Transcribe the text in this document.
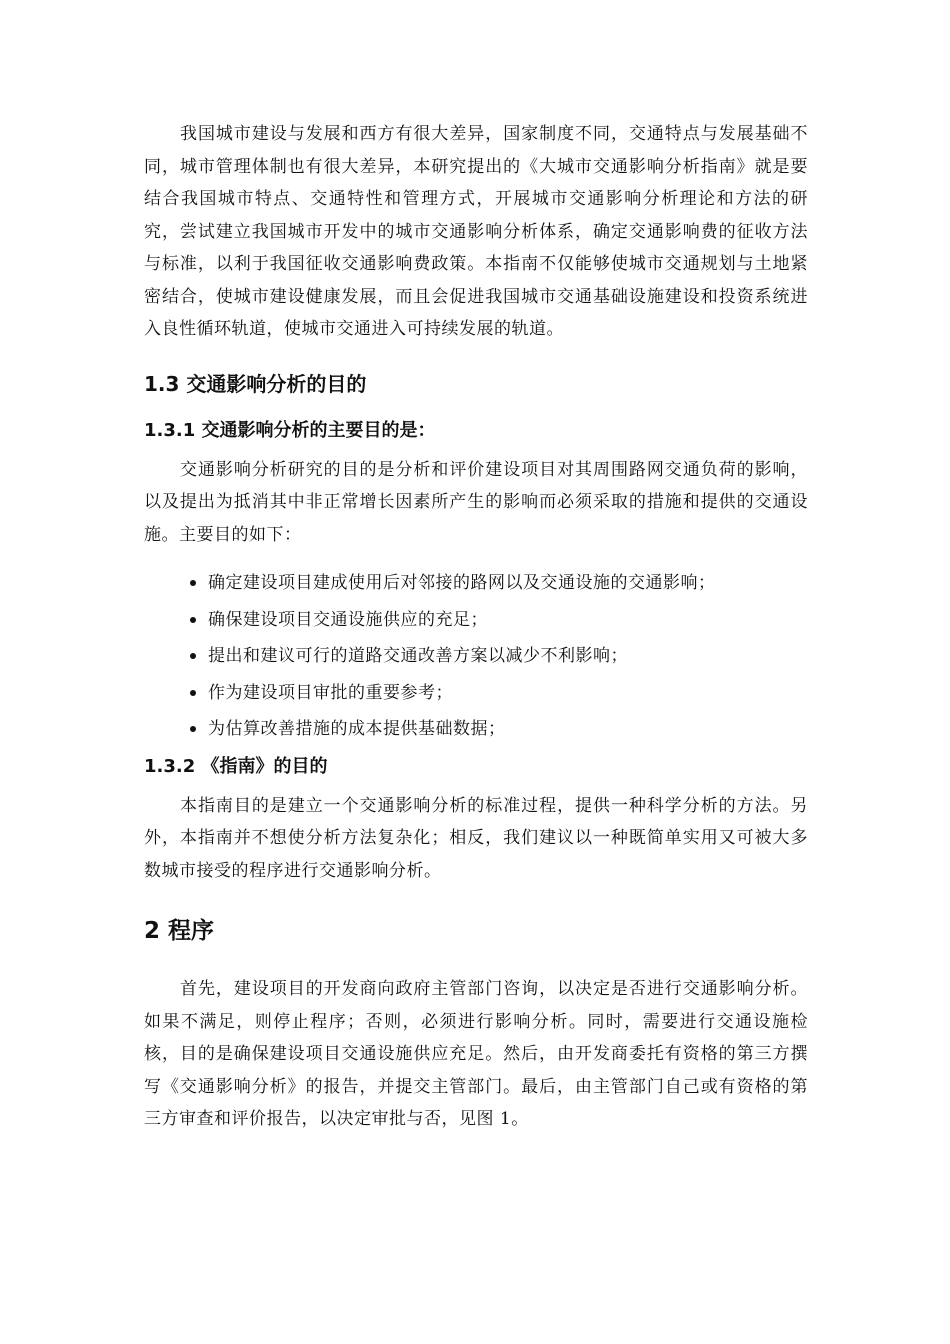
我国城市建设与发展和西方有很大差异，国家制度不同，交通特点与发展基础不同，城市管理体制也有很大差异，本研究提出的《大城市交通影响分析指南》就是要结合我国城市特点、交通特性和管理方式，开展城市交通影响分析理论和方法的研究，尝试建立我国城市开发中的城市交通影响分析体系，确定交通影响费的征收方法与标准，以利于我国征收交通影响费政策。本指南不仅能够使城市交通规划与土地紧密结合，使城市建设健康发展，而且会促进我国城市交通基础设施建设和投资系统进入良性循环轨道，使城市交通进入可持续发展的轨道。

1.3 交通影响分析的目的
1.3.1 交通影响分析的主要目的是：

交通影响分析研究的目的是分析和评价建设项目对其周围路网交通负荷的影响，以及提出为抵消其中非正常增长因素所产生的影响而必须采取的措施和提供的交通设施。主要目的如下：

确定建设项目建成使用后对邻接的路网以及交通设施的交通影响；
确保建设项目交通设施供应的充足；
提出和建议可行的道路交通改善方案以减少不利影响；
作为建设项目审批的重要参考；
为估算改善措施的成本提供基础数据；
1.3.2 《指南》的目的

本指南目的是建立一个交通影响分析的标准过程，提供一种科学分析的方法。另外，本指南并不想使分析方法复杂化；相反，我们建议以一种既简单实用又可被大多数城市接受的程序进行交通影响分析。

2 程序

首先，建设项目的开发商向政府主管部门咨询，以决定是否进行交通影响分析。如果不满足，则停止程序；否则，必须进行影响分析。同时，需要进行交通设施检核，目的是确保建设项目交通设施供应充足。然后，由开发商委托有资格的第三方撰写《交通影响分析》的报告，并提交主管部门。最后，由主管部门自己或有资格的第三方审查和评价报告，以决定审批与否，见图 1。
